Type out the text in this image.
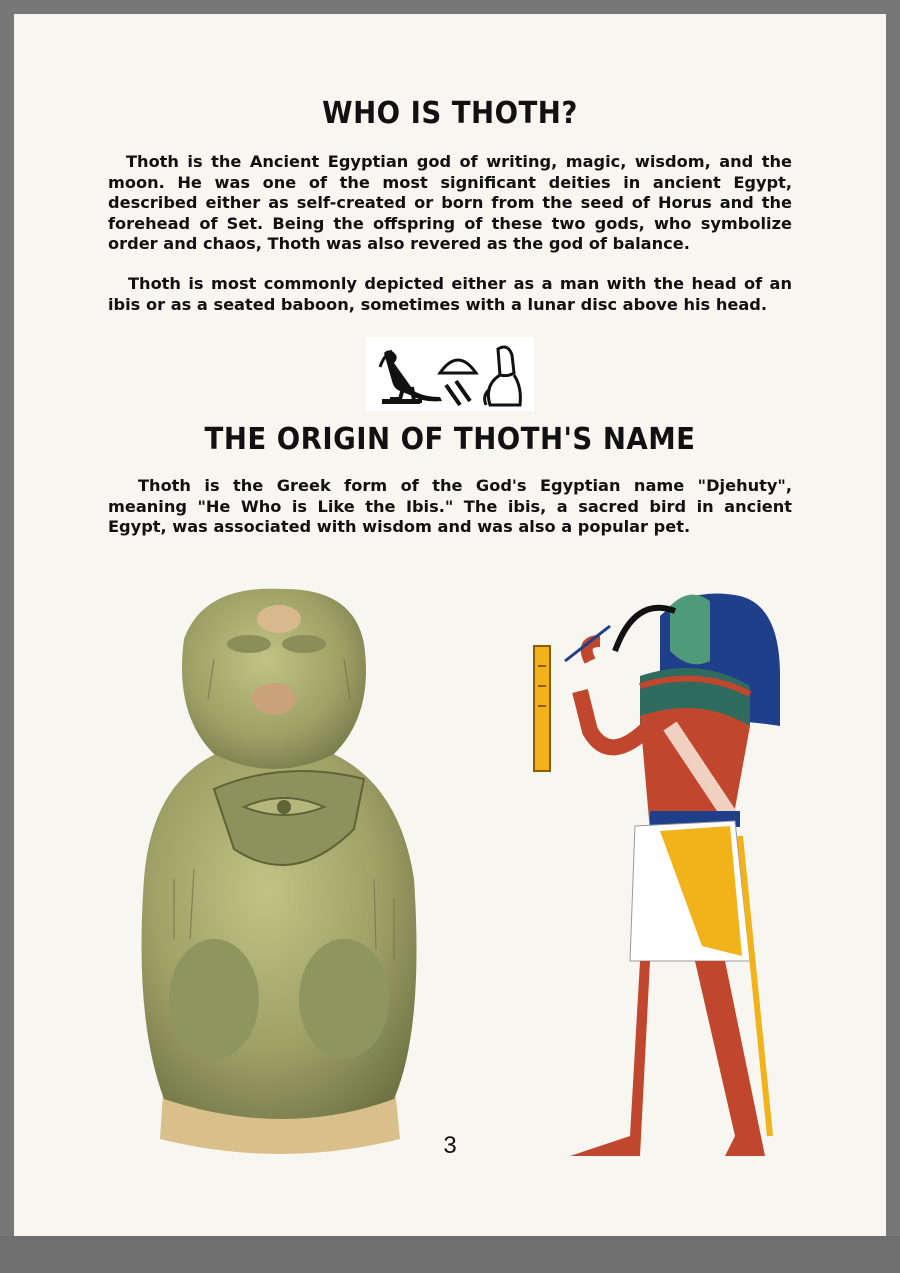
WHO IS THOTH?

Thoth is the Ancient Egyptian god of writing, magic, wisdom, and the moon. He was one of the most significant deities in ancient Egypt, described either as self-created or born from the seed of Horus and the forehead of Set. Being the offspring of these two gods, who symbolize order and chaos, Thoth was also revered as the god of balance.

Thoth is most commonly depicted either as a man with the head of an ibis or as a seated baboon, sometimes with a lunar disc above his head.

THE ORIGIN OF THOTH'S NAME

Thoth is the Greek form of the God's Egyptian name "Djehuty", meaning "He Who is Like the Ibis." The ibis, a sacred bird in ancient Egypt, was associated with wisdom and was also a popular pet.

3
